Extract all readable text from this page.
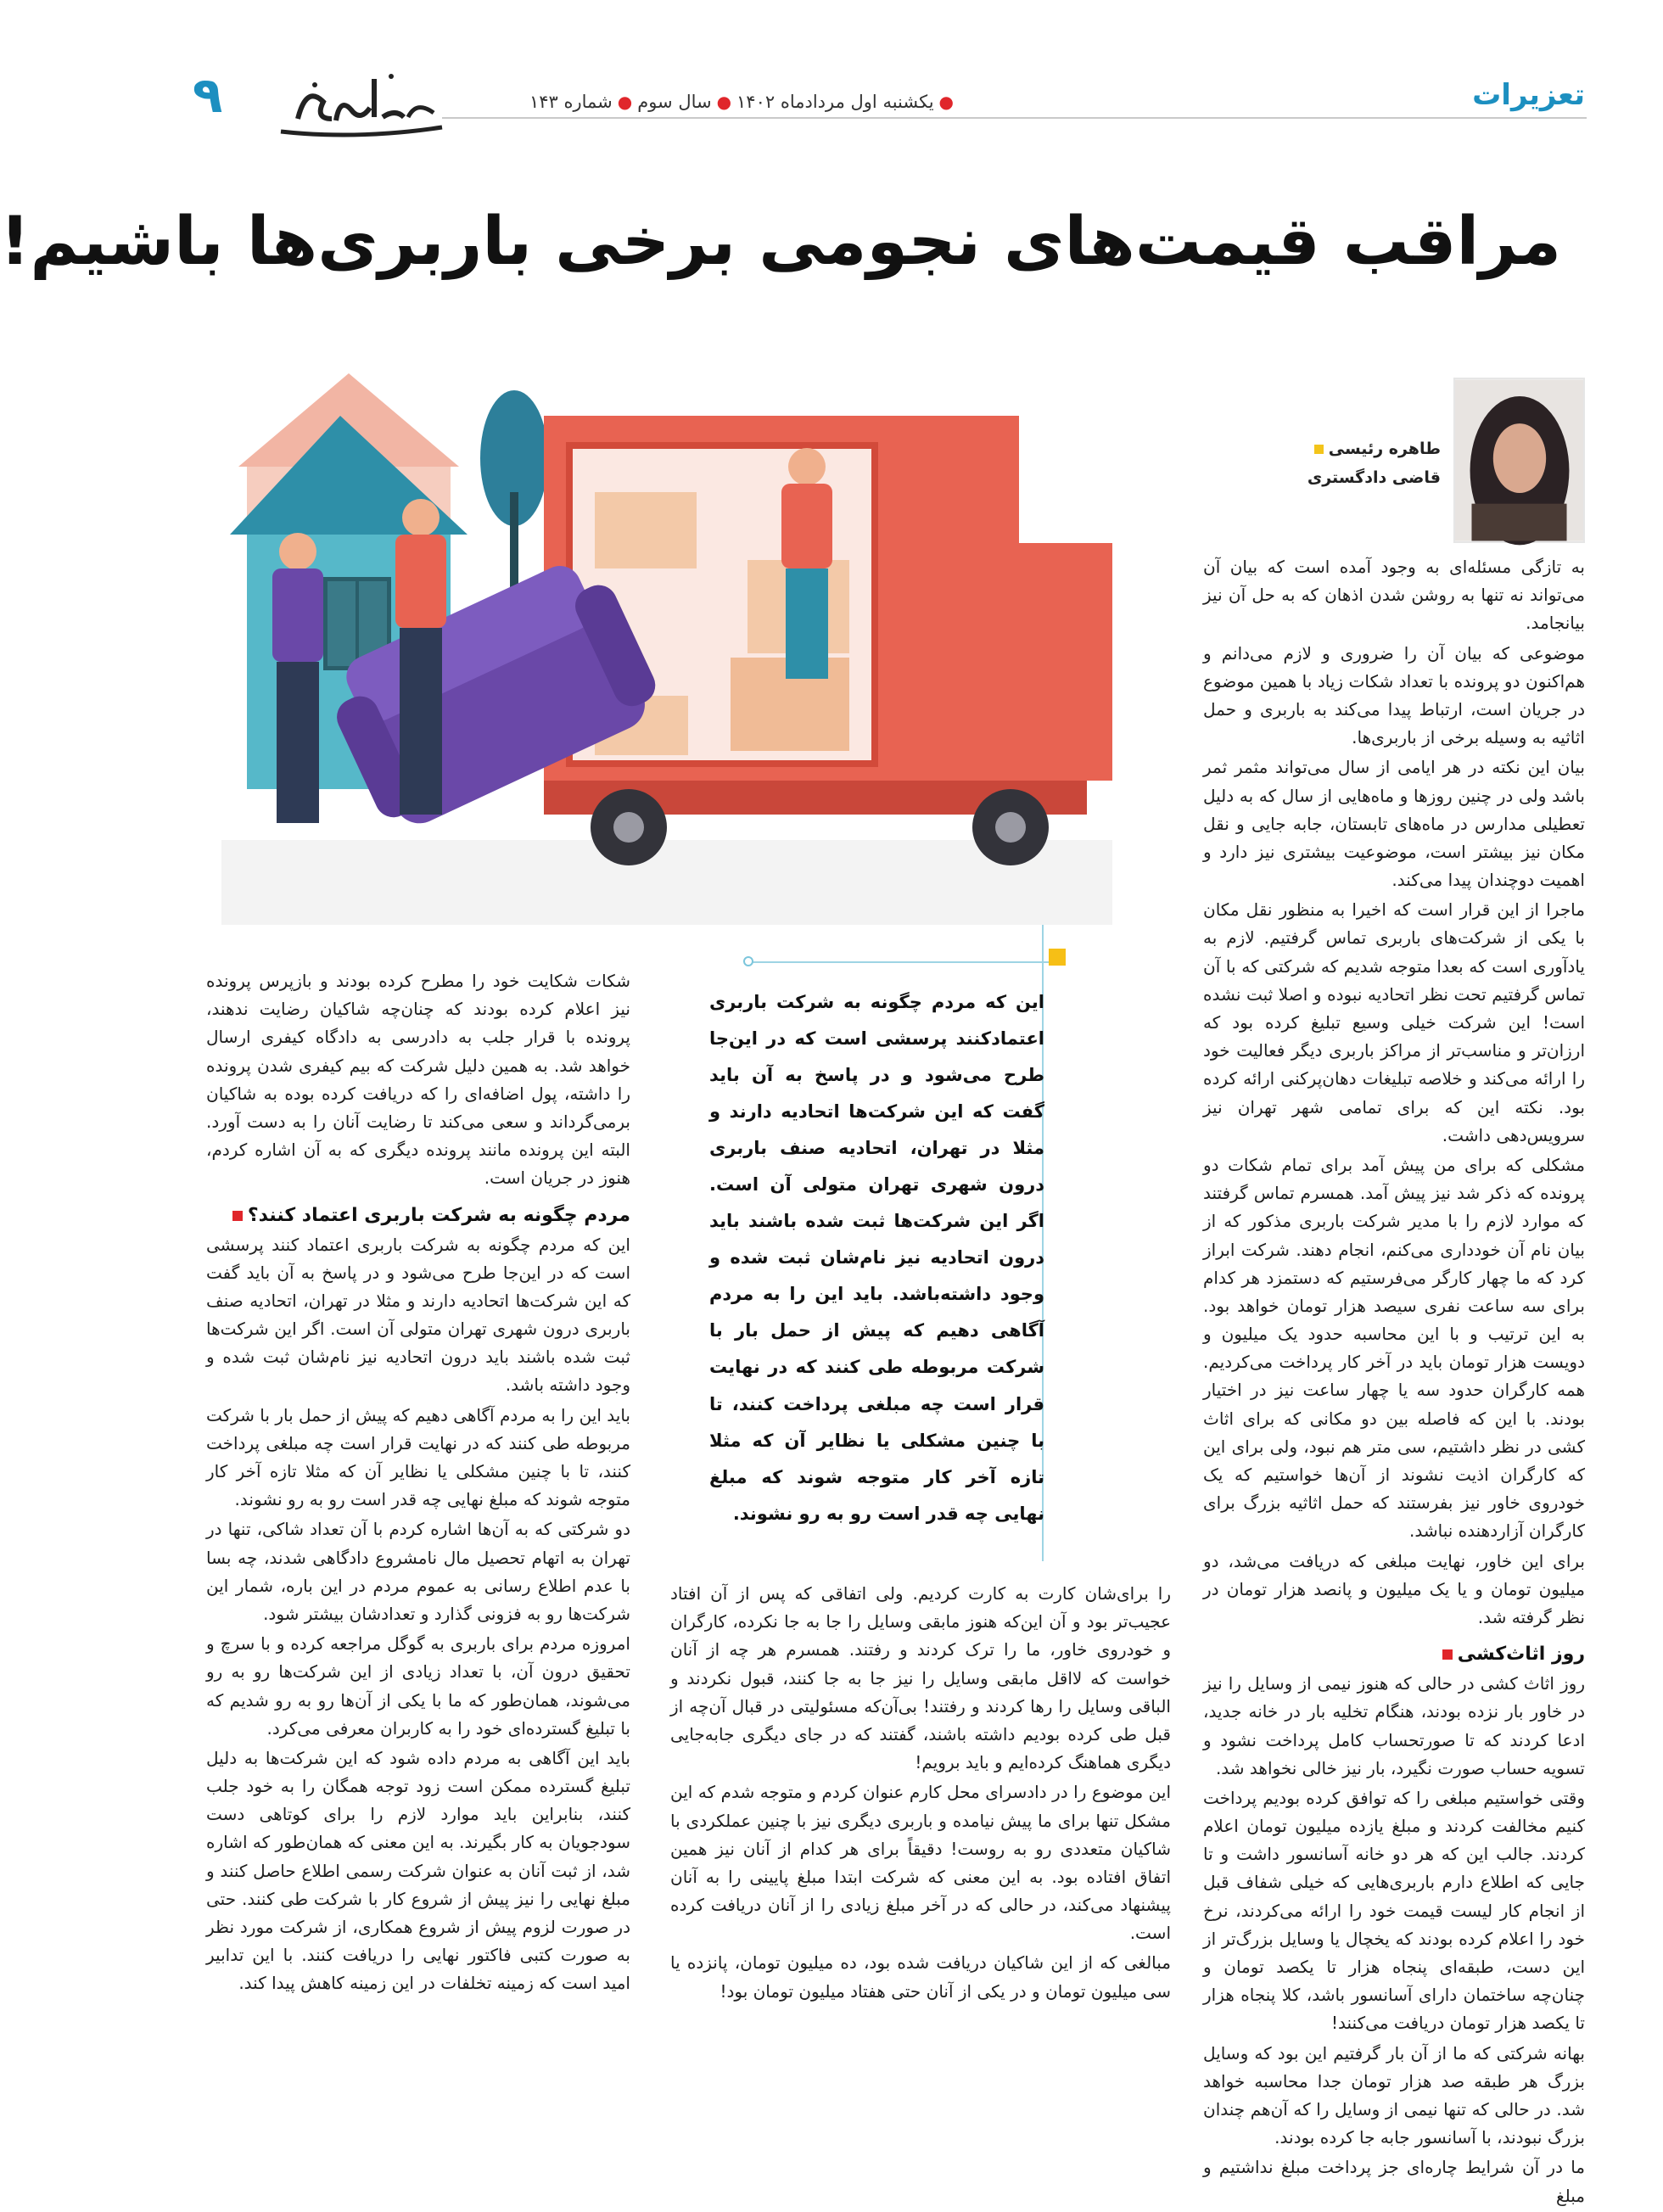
تعزیرات
●یکشنبه اول مردادماه ۱۴۰۲●سال سوم●شماره ۱۴۳
۹
مراقب قیمت‌های نجومی برخی باربری‌ها باشیم!
طاهره رئیسی
قاضی دادگستری

به تازگی مسئله‌ای به وجود آمده است که بیان آن می‌تواند نه تنها به روشن شدن اذهان که به حل آن نیز بیانجامد.

موضوعی که بیان آن را ضروری و لازم می‌دانم و هم‌اکنون دو پرونده با تعداد شکات زیاد با همین موضوع در جریان است، ارتباط پیدا می‌کند به باربری و حمل اثاثیه به وسیله برخی از باربری‌ها.

بیان این نکته در هر ایامی از سال می‌تواند مثمر ثمر باشد ولی در چنین روزها و ماه‌هایی از سال که به دلیل تعطیلی مدارس در ماه‌های تابستان، جابه جایی و نقل مکان نیز بیشتر است، موضوعیت بیشتری نیز دارد و اهمیت دوچندان پیدا می‌کند.

ماجرا از این قرار است که اخیرا به منظور نقل مکان با یکی از شرکت‌های باربری تماس گرفتیم. لازم به یادآوری است که بعدا متوجه شدیم که شرکتی که با آن تماس گرفتیم تحت نظر اتحادیه نبوده و اصلا ثبت نشده است! این شرکت خیلی وسیع تبلیغ کرده بود که ارزان‌تر و مناسب‌تر از مراکز باربری دیگر فعالیت خود را ارائه می‌کند و خلاصه تبلیغات دهان‌پرکنی ارائه کرده بود. نکته این که برای تمامی شهر تهران نیز سرویس‌دهی داشت.

مشکلی که برای من پیش آمد برای تمام شکات دو پرونده که ذکر شد نیز پیش آمد. همسرم تماس گرفتند که موارد لازم را با مدیر شرکت باربری مذکور که از بیان نام آن خودداری می‌کنم، انجام دهند. شرکت ابراز کرد که ما چهار کارگر می‌فرستیم که دستمزد هر کدام برای سه ساعت نفری سیصد هزار تومان خواهد بود. به این ترتیب و با این محاسبه حدود یک میلیون و دویست هزار تومان باید در آخر کار پرداخت می‌کردیم. همه کارگران حدود سه یا چهار ساعت نیز در اختیار بودند. با این که فاصله بین دو مکانی که برای اثاث کشی در نظر داشتیم، سی متر هم نبود، ولی برای این که کارگران اذیت نشوند از آن‌ها خواستیم که یک خودروی خاور نیز بفرستند که حمل اثاثیه بزرگ برای کارگران آزاردهنده نباشد.

برای این خاور، نهایت مبلغی که دریافت می‌شد، دو میلیون تومان و یا یک میلیون و پانصد هزار تومان در نظر گرفته شد.

روز اثاث‌کشی

روز اثاث کشی در حالی که هنوز نیمی از وسایل را نیز در خاور بار نزده بودند، هنگام تخلیه بار در خانه جدید، ادعا کردند که تا صورتحساب کامل پرداخت نشود و تسویه حساب صورت نگیرد، بار نیز خالی نخواهد شد.

وقتی خواستیم مبلغی را که توافق کرده بودیم پرداخت کنیم مخالفت کردند و مبلغ یازده میلیون تومان اعلام کردند. جالب این که هر دو خانه آسانسور داشت و تا جایی که اطلاع دارم باربری‌هایی که خیلی شفاف قبل از انجام کار لیست قیمت خود را ارائه می‌کردند، نرخ خود را اعلام کرده بودند که یخچال یا وسایل بزرگ‌تر از این دست، طبقه‌ای پنجاه هزار تا یکصد تومان و چنان‌چه ساختمان دارای آسانسور باشد، کلا پنجاه هزار تا یکصد هزار تومان دریافت می‌کنند!

بهانه شرکتی که ما از آن بار گرفتیم این بود که وسایل بزرگ هر طبقه صد هزار تومان جدا محاسبه خواهد شد. در حالی که تنها نیمی از وسایل را که آن‌هم چندان بزرگ نبودند، با آسانسور جابه جا کرده بودند.

ما در آن شرایط چاره‌ای جز پرداخت مبلغ نداشتیم و مبلغ

این که مردم چگونه به شرکت باربری اعتمادکنند پرسشی است که در این‌جا طرح می‌شود و در پاسخ به آن باید گفت که این شرکت‌ها اتحادیه دارند و مثلا در تهران، اتحادیه صنف باربری درون شهری تهران متولی آن است. اگر این شرکت‌ها ثبت شده باشند باید درون اتحادیه نیز نام‌شان ثبت شده و وجود داشته‌باشد. باید این را به مردم آگاهی دهیم که پیش از حمل بار با شرکت مربوطه طی کنند که در نهایت قرار است چه مبلغی پرداخت کنند، تا با چنین مشکلی یا نظایر آن که مثلا تازه آخر کار متوجه شوند که مبلغ نهایی چه قدر است رو به رو نشوند.

را برای‌شان کارت به کارت کردیم. ولی اتفاقی که پس از آن افتاد عجیب‌تر بود و آن این‌که هنوز مابقی وسایل را جا به جا نکرده، کارگران و خودروی خاور، ما را ترک کردند و رفتند. همسرم هر چه از آنان خواست که لااقل مابقی وسایل را نیز جا به جا کنند، قبول نکردند و الباقی وسایل را رها کردند و رفتند! بی‌آن‌که مسئولیتی در قبال آن‌چه از قبل طی کرده بودیم داشته باشند، گفتند که در جای دیگری جابه‌جایی دیگری هماهنگ کرده‌ایم و باید برویم!

این موضوع را در دادسرای محل کارم عنوان کردم و متوجه شدم که این مشکل تنها برای ما پیش نیامده و باربری دیگری نیز با چنین عملکردی با شاکیان متعددی رو به روست! دقیقاً برای هر کدام از آنان نیز همین اتفاق افتاده بود. به این معنی که شرکت ابتدا مبلغ پایینی را به آنان پیشنهاد می‌کند، در حالی که در آخر مبلغ زیادی را از آنان دریافت کرده است.

مبالغی که از این شاکیان دریافت شده بود، ده میلیون تومان، پانزده یا سی میلیون تومان و در یکی از آنان حتی هفتاد میلیون تومان بود!

شکات شکایت خود را مطرح کرده بودند و بازپرس پرونده نیز اعلام کرده بودند که چنان‌چه شاکیان رضایت ندهند، پرونده با قرار جلب به دادرسی به دادگاه کیفری ارسال خواهد شد. به همین دلیل شرکت که بیم کیفری شدن پرونده را داشته، پول اضافه‌ای را که دریافت کرده بوده به شاکیان برمی‌گرداند و سعی می‌کند تا رضایت آنان را به دست آورد. البته این پرونده مانند پرونده دیگری که به آن اشاره کردم، هنوز در جریان است.

مردم چگونه به شرکت باربری اعتماد کنند؟

این که مردم چگونه به شرکت باربری اعتماد کنند پرسشی است که در این‌جا طرح می‌شود و در پاسخ به آن باید گفت که این شرکت‌ها اتحادیه دارند و مثلا در تهران، اتحادیه صنف باربری درون شهری تهران متولی آن است. اگر این شرکت‌ها ثبت شده باشند باید درون اتحادیه نیز نام‌شان ثبت شده و وجود داشته باشد.

باید این را به مردم آگاهی دهیم که پیش از حمل بار با شرکت مربوطه طی کنند که در نهایت قرار است چه مبلغی پرداخت کنند، تا با چنین مشکلی یا نظایر آن که مثلا تازه آخر کار متوجه شوند که مبلغ نهایی چه قدر است رو به رو نشوند.

دو شرکتی که به آن‌ها اشاره کردم با آن تعداد شاکی، تنها در تهران به اتهام تحصیل مال نامشروع دادگاهی شدند، چه بسا با عدم اطلاع رسانی به عموم مردم در این باره، شمار این شرکت‌ها رو به فزونی گذارد و تعدادشان بیشتر شود.

امروزه مردم برای باربری به گوگل مراجعه کرده و با سرچ و تحقیق درون آن، با تعداد زیادی از این شرکت‌ها رو به رو می‌شوند، همان‌طور که ما با یکی از آن‌ها رو به رو شدیم که با تبلیغ گسترده‌ای خود را به کاربران معرفی می‌کرد.

باید این آگاهی به مردم داده شود که این شرکت‌ها به دلیل تبلیغ گسترده ممکن است زود توجه همگان را به خود جلب کنند، بنابراین باید موارد لازم را برای کوتاهی دست سودجویان به کار بگیرند. به این معنی که همان‌طور که اشاره شد، از ثبت آنان به عنوان شرکت رسمی اطلاع حاصل کنند و مبلغ نهایی را نیز پیش از شروع کار با شرکت طی کنند. حتی در صورت لزوم پیش از شروع همکاری، از شرکت مورد نظر به صورت کتبی فاکتور نهایی را دریافت کنند. با این تدابیر امید است که زمینه تخلفات در این زمینه کاهش پیدا کند.
